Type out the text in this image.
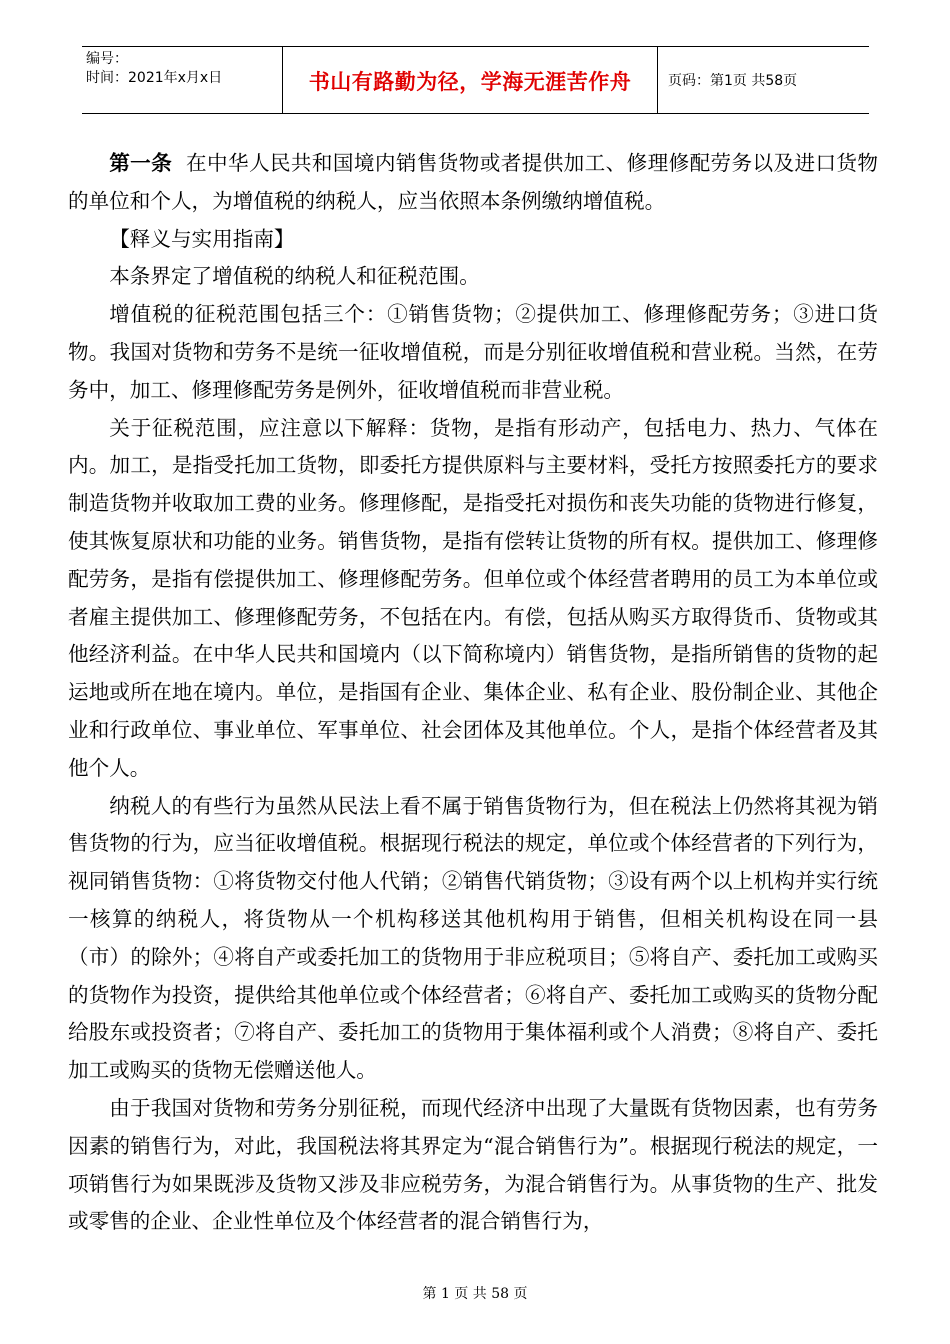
编号：
时间：2021年x月x日	书山有路勤为径，学海无涯苦作舟	页码：第1页 共58页

第一条 在中华人民共和国境内销售货物或者提供加工、修理修配劳务以及进口货物的单位和个人，为增值税的纳税人，应当依照本条例缴纳增值税。

【释义与实用指南】

本条界定了增值税的纳税人和征税范围。

增值税的征税范围包括三个：①销售货物；②提供加工、修理修配劳务；③进口货物。我国对货物和劳务不是统一征收增值税，而是分别征收增值税和营业税。当然，在劳务中，加工、修理修配劳务是例外，征收增值税而非营业税。

关于征税范围，应注意以下解释：货物，是指有形动产，包括电力、热力、气体在内。加工，是指受托加工货物，即委托方提供原料与主要材料，受托方按照委托方的要求制造货物并收取加工费的业务。修理修配，是指受托对损伤和丧失功能的货物进行修复，使其恢复原状和功能的业务。销售货物，是指有偿转让货物的所有权。提供加工、修理修配劳务，是指有偿提供加工、修理修配劳务。但单位或个体经营者聘用的员工为本单位或者雇主提供加工、修理修配劳务，不包括在内。有偿，包括从购买方取得货币、货物或其他经济利益。在中华人民共和国境内（以下简称境内）销售货物，是指所销售的货物的起运地或所在地在境内。单位，是指国有企业、集体企业、私有企业、股份制企业、其他企业和行政单位、事业单位、军事单位、社会团体及其他单位。个人，是指个体经营者及其他个人。

纳税人的有些行为虽然从民法上看不属于销售货物行为，但在税法上仍然将其视为销售货物的行为，应当征收增值税。根据现行税法的规定，单位或个体经营者的下列行为，视同销售货物：①将货物交付他人代销；②销售代销货物；③设有两个以上机构并实行统一核算的纳税人，将货物从一个机构移送其他机构用于销售，但相关机构设在同一县（市）的除外；④将自产或委托加工的货物用于非应税项目；⑤将自产、委托加工或购买的货物作为投资，提供给其他单位或个体经营者；⑥将自产、委托加工或购买的货物分配给股东或投资者；⑦将自产、委托加工的货物用于集体福利或个人消费；⑧将自产、委托加工或购买的货物无偿赠送他人。

由于我国对货物和劳务分别征税，而现代经济中出现了大量既有货物因素，也有劳务因素的销售行为，对此，我国税法将其界定为“混合销售行为”。根据现行税法的规定，一项销售行为如果既涉及货物又涉及非应税劳务，为混合销售行为。从事货物的生产、批发或零售的企业、企业性单位及个体经营者的混合销售行为，

第 1 页 共 58 页
